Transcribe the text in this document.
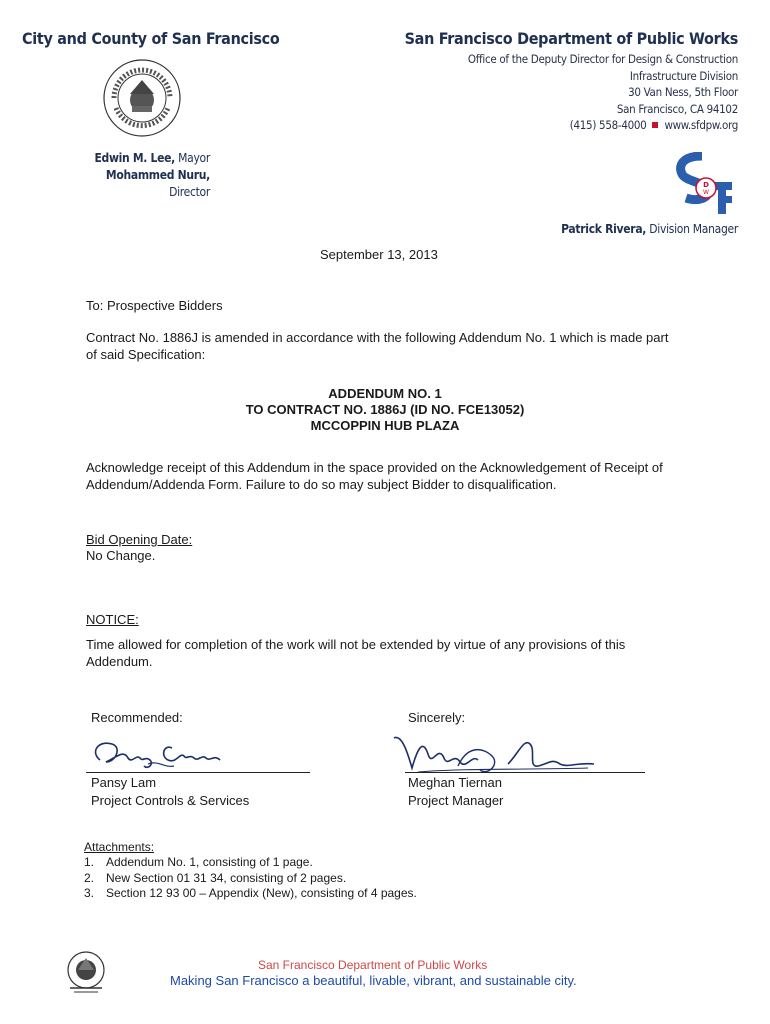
City and County of San Francisco	San Francisco Department of Public Works
Office of the Deputy Director for Design & Construction
Infrastructure Division
30 Van Ness, 5th Floor
San Francisco, CA 94102
(415) 558-4000 www.sfdpw.org
Edwin M. Lee, Mayor
Mohammed Nuru, Director	D
W
Patrick Rivera, Division Manager
September 13, 2013
To: Prospective Bidders
Contract No. 1886J is amended in accordance with the following Addendum No. 1 which is made part of said Specification:
ADDENDUM NO. 1
TO CONTRACT NO. 1886J (ID NO. FCE13052)
MCCOPPIN HUB PLAZA
Acknowledge receipt of this Addendum in the space provided on the Acknowledgement of Receipt of Addendum/Addenda Form. Failure to do so may subject Bidder to disqualification.
Bid Opening Date:
No Change.
NOTICE:
Time allowed for completion of the work will not be extended by virtue of any provisions of this Addendum.
Recommended:	Sincerely:
Pansy Lam
Project Controls & Services
Meghan Tiernan
Project Manager
Attachments:
1. Addendum No. 1, consisting of 1 page.
2. New Section 01 31 34, consisting of 2 pages.
3. Section 12 93 00 – Appendix (New), consisting of 4 pages.
San Francisco Department of Public Works
Making San Francisco a beautiful, livable, vibrant, and sustainable city.
